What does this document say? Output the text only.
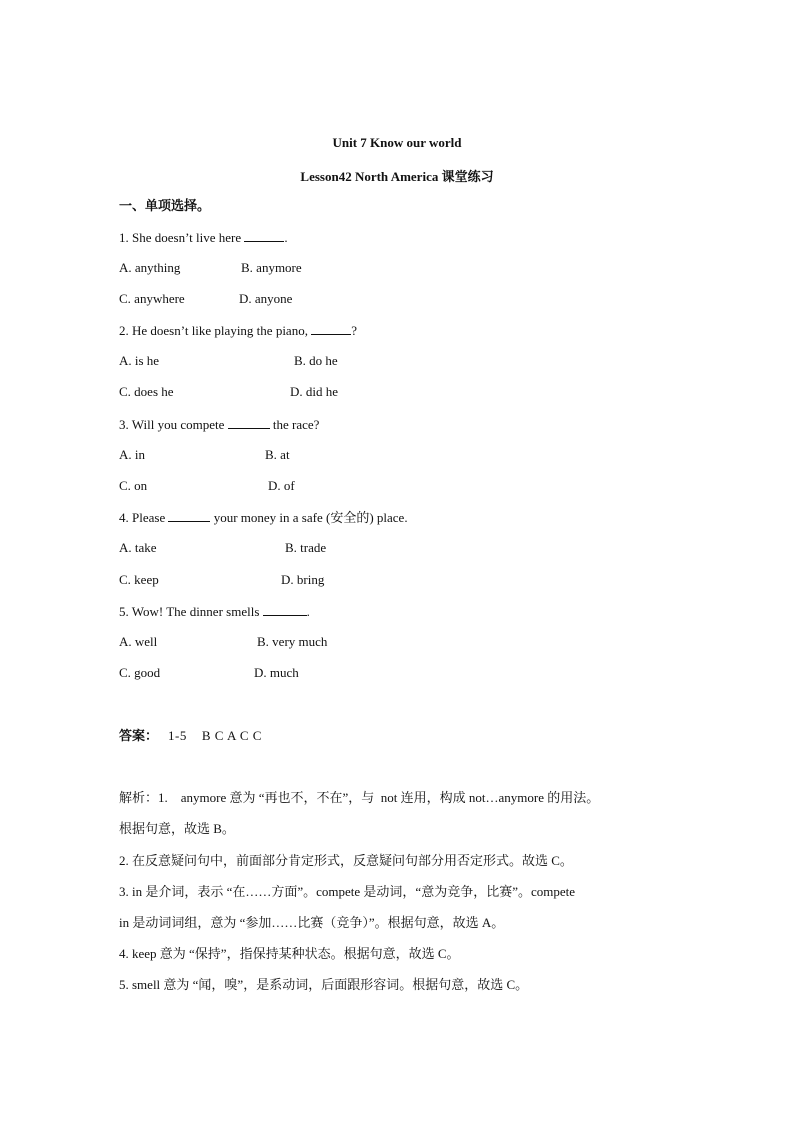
Unit 7 Know our world
Lesson42 North America 课堂练习
一、单项选择。
1. She doesn’t live here	.
A. anything	B. anymore
C. anywhere	D. anyone
2. He doesn’t like playing the piano,	?
A. is he	B. do he
C. does he	D. did he
3. Will you compete	the race?
A. in	B. at
C. on	D. of
4. Please	your money in a safe (安全的) place.
A. take	B. trade
C. keep	D. bring
5. Wow! The dinner smells	.
A. well	B. very much
C. good	D. much
答案： 1-5    B C A C C
解析：1.    anymore 意为 “再也不，不在”，与  not 连用，构成 not…anymore 的用法。
根据句意，故选 B。
2. 在反意疑问句中，前面部分肯定形式，反意疑问句部分用否定形式。故选 C。
3. in 是介词，表示 “在……方面”。compete 是动词，“意为竞争，比赛”。compete
in 是动词词组，意为 “参加……比赛（竞争）”。根据句意，故选 A。
4. keep 意为 “保持”，指保持某种状态。根据句意，故选 C。
5. smell 意为 “闻，嗅”，是系动词，后面跟形容词。根据句意，故选 C。
